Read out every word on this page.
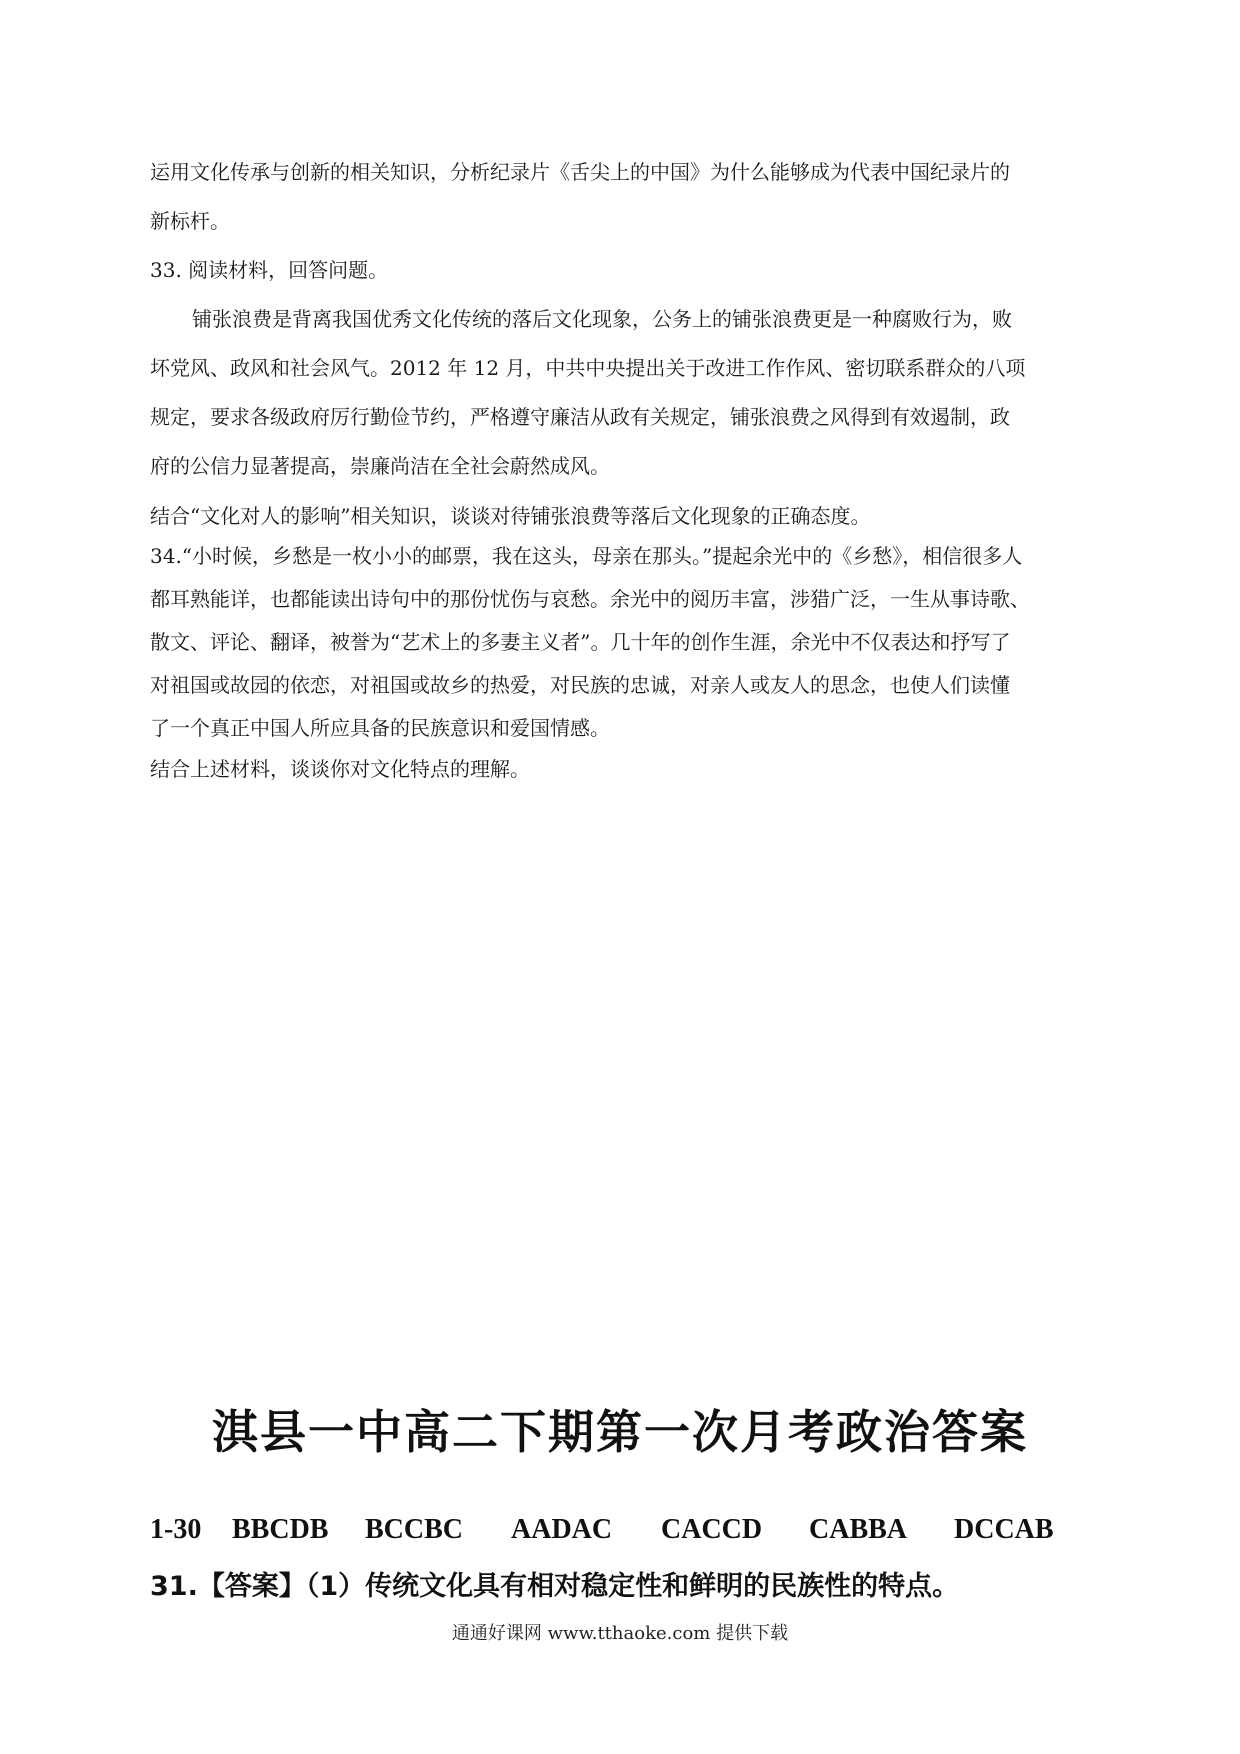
运用文化传承与创新的相关知识，分析纪录片《舌尖上的中国》为什么能够成为代表中国纪录片的
新标杆。
33. 阅读材料，回答问题。
铺张浪费是背离我国优秀文化传统的落后文化现象，公务上的铺张浪费更是一种腐败行为，败
坏党风、政风和社会风气。2012 年 12 月，中共中央提出关于改进工作作风、密切联系群众的八项
规定，要求各级政府厉行勤俭节约，严格遵守廉洁从政有关规定，铺张浪费之风得到有效遏制，政
府的公信力显著提高，崇廉尚洁在全社会蔚然成风。
结合“文化对人的影响”相关知识，谈谈对待铺张浪费等落后文化现象的正确态度。
34.“小时候，乡愁是一枚小小的邮票，我在这头，母亲在那头。”提起余光中的《乡愁》，相信很多人
都耳熟能详，也都能读出诗句中的那份忧伤与哀愁。余光中的阅历丰富，涉猎广泛，一生从事诗歌、
散文、评论、翻译，被誉为“艺术上的多妻主义者”。几十年的创作生涯，余光中不仅表达和抒写了
对祖国或故园的依恋，对祖国或故乡的热爱，对民族的忠诚，对亲人或友人的思念，也使人们读懂
了一个真正中国人所应具备的民族意识和爱国情感。
结合上述材料，谈谈你对文化特点的理解。
淇县一中高二下期第一次月考政治答案
1-30	BBCDB	BCCBC	AADAC	CACCD	CABBA	DCCAB
31.【答案】（1）传统文化具有相对稳定性和鲜明的民族性的特点。
通通好课网 www.tthaoke.com 提供下载
